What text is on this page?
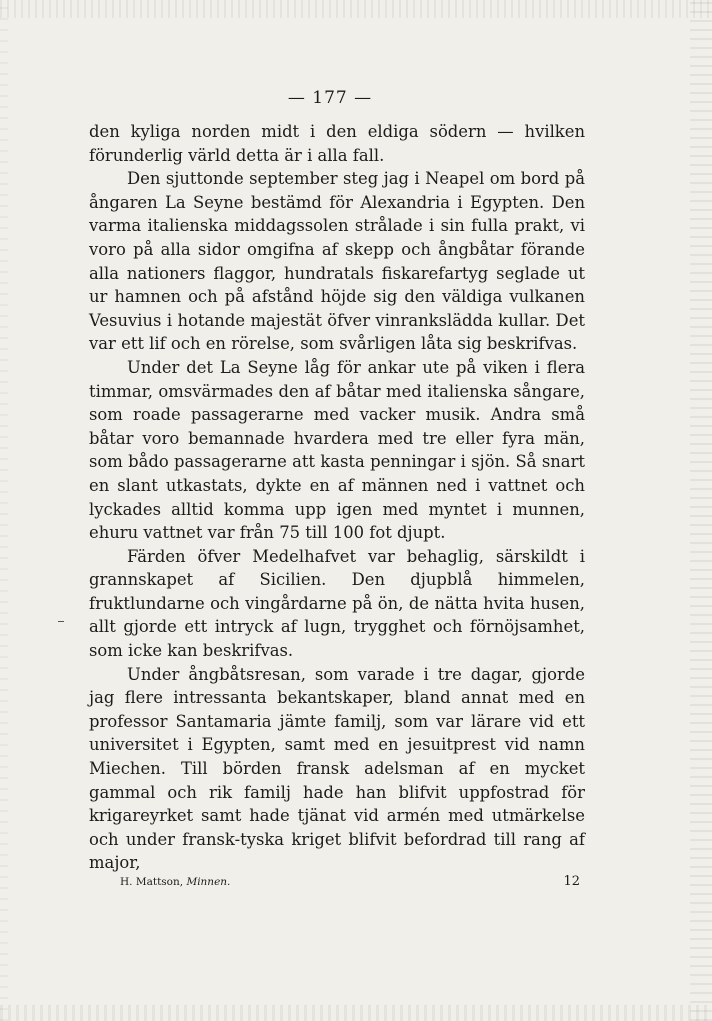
— 177 —

den kyliga norden midt i den eldiga södern — hvilken förunderlig värld detta är i alla fall.

Den sjuttonde september steg jag i Neapel om bord på ångaren La Seyne bestämd för Alexandria i Egypten. Den varma italienska middagssolen strålade i sin fulla prakt, vi voro på alla sidor omgifna af skepp och ångbåtar förande alla nationers flaggor, hundratals fiskarefartyg seglade ut ur hamnen och på afstånd höjde sig den väldiga vulkanen Vesuvius i hotande majestät öfver vinrankslädda kullar. Det var ett lif och en rörelse, som svårligen låta sig beskrifvas.

Under det La Seyne låg för ankar ute på viken i flera timmar, omsvärmades den af båtar med italienska sångare, som roade passagerarne med vacker musik. Andra små båtar voro bemannade hvardera med tre eller fyra män, som bådo passagerarne att kasta penningar i sjön. Så snart en slant utkastats, dykte en af männen ned i vattnet och lyckades alltid komma upp igen med myntet i munnen, ehuru vattnet var från 75 till 100 fot djupt.

Färden öfver Medelhafvet var behaglig, särskildt i grannskapet af Sicilien. Den djupblå himmelen, fruktlundarne och vingårdarne på ön, de nätta hvita husen, allt gjorde ett intryck af lugn, trygghet och förnöjsamhet, som icke kan beskrifvas.

Under ångbåtsresan, som varade i tre dagar, gjorde jag flere intressanta bekantskaper, bland annat med en professor Santamaria jämte familj, som var lärare vid ett universitet i Egypten, samt med en jesuitprest vid namn Miechen. Till börden fransk adelsman af en mycket gammal och rik familj hade han blifvit uppfostrad för krigareyrket samt hade tjänat vid armén med utmärkelse och under fransk-tyska kriget blifvit befordrad till rang af major,

H. Mattson, Minnen.	12
